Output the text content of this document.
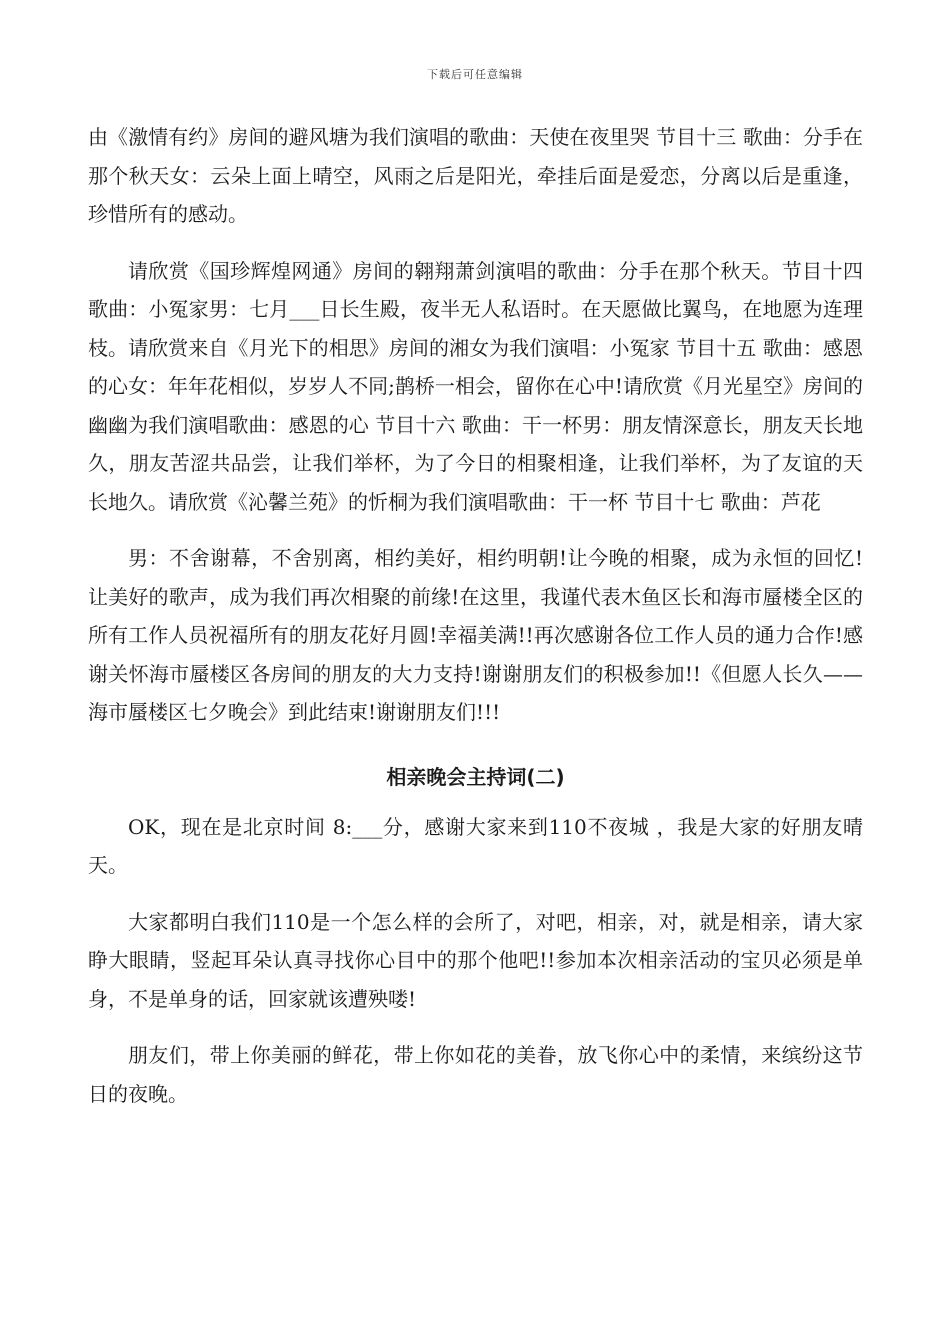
下载后可任意编辑

由《激情有约》房间的避风塘为我们演唱的歌曲：天使在夜里哭 节目十三 歌曲：分手在那个秋天女：云朵上面上晴空，风雨之后是阳光，牵挂后面是爱恋，分离以后是重逢，珍惜所有的感动。

请欣赏《国珍辉煌网通》房间的翱翔萧剑演唱的歌曲：分手在那个秋天。节目十四 歌曲：小冤家男：七月___日长生殿，夜半无人私语时。在天愿做比翼鸟，在地愿为连理枝。请欣赏来自《月光下的相思》房间的湘女为我们演唱：小冤家 节目十五 歌曲：感恩的心女：年年花相似，岁岁人不同;鹊桥一相会，留你在心中!请欣赏《月光星空》房间的幽幽为我们演唱歌曲：感恩的心 节目十六 歌曲：干一杯男：朋友情深意长，朋友天长地久，朋友苦涩共品尝，让我们举杯，为了今日的相聚相逢，让我们举杯，为了友谊的天长地久。请欣赏《沁馨兰苑》的忻桐为我们演唱歌曲：干一杯 节目十七 歌曲：芦花

男：不舍谢幕，不舍别离，相约美好，相约明朝!让今晚的相聚，成为永恒的回忆!让美好的歌声，成为我们再次相聚的前缘!在这里，我谨代表木鱼区长和海市蜃楼全区的所有工作人员祝福所有的朋友花好月圆!幸福美满!!再次感谢各位工作人员的通力合作!感谢关怀海市蜃楼区各房间的朋友的大力支持!谢谢朋友们的积极参加!!《但愿人长久——海市蜃楼区七夕晚会》到此结束!谢谢朋友们!!!

相亲晚会主持词(二)

OK，现在是北京时间 8:___分，感谢大家来到110不夜城 ，我是大家的好朋友晴天。

大家都明白我们110是一个怎么样的会所了，对吧，相亲，对，就是相亲，请大家睁大眼睛，竖起耳朵认真寻找你心目中的那个他吧!!参加本次相亲活动的宝贝必须是单身，不是单身的话，回家就该遭殃喽!

朋友们，带上你美丽的鲜花，带上你如花的美眷，放飞你心中的柔情，来缤纷这节日的夜晚。
